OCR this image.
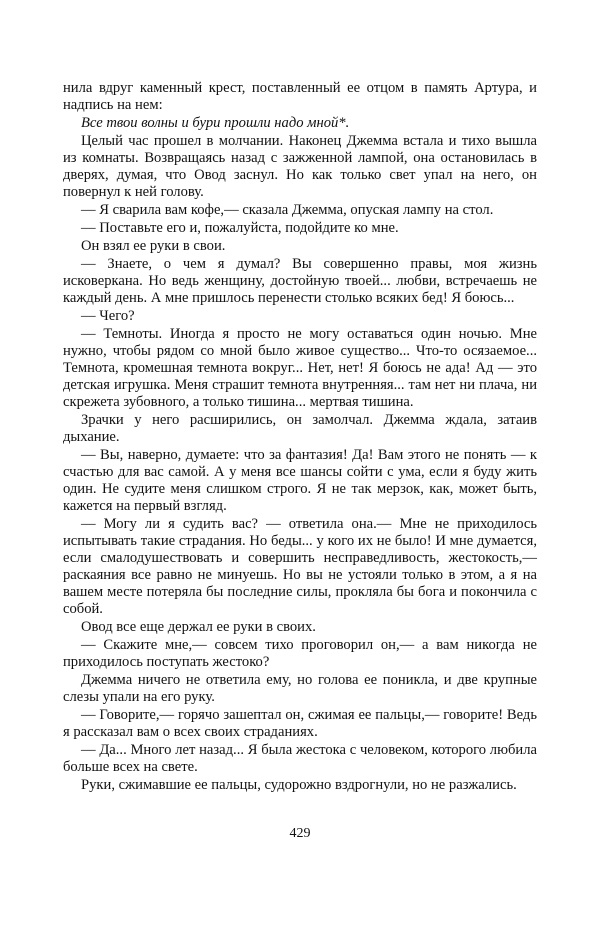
нила вдруг каменный крест, поставленный ее отцом в память Артура, и надпись на нем:

Все твои волны и бури прошли надо мной*.

Целый час прошел в молчании. Наконец Джемма встала и тихо вышла из комнаты. Возвращаясь назад с зажженной лампой, она остановилась в дверях, думая, что Овод заснул. Но как только свет упал на него, он повернул к ней голову.

— Я сварила вам кофе,— сказала Джемма, опуская лампу на стол.

— Поставьте его и, пожалуйста, подойдите ко мне.

Он взял ее руки в свои.

— Знаете, о чем я думал? Вы совершенно правы, моя жизнь исковеркана. Но ведь женщину, достойную твоей... любви, встречаешь не каждый день. А мне пришлось перенести столько всяких бед! Я боюсь...

— Чего?

— Темноты. Иногда я просто не могу оставаться один ночью. Мне нужно, чтобы рядом со мной было живое существо... Что-то осязаемое... Темнота, кромешная темнота вокруг... Нет, нет! Я боюсь не ада! Ад — это детская игрушка. Меня страшит темнота внутренняя... там нет ни плача, ни скрежета зубовного, а только тишина... мертвая тишина.

Зрачки у него расширились, он замолчал. Джемма ждала, затаив дыхание.

— Вы, наверно, думаете: что за фантазия! Да! Вам этого не понять — к счастью для вас самой. А у меня все шансы сойти с ума, если я буду жить один. Не судите меня слишком строго. Я не так мерзок, как, может быть, кажется на первый взгляд.

— Могу ли я судить вас? — ответила она.— Мне не приходилось испытывать такие страдания. Но беды... у кого их не было! И мне думается, если смалодушествовать и совершить несправедливость, жестокость,— раскаяния все равно не минуешь. Но вы не устояли только в этом, а я на вашем месте потеряла бы последние силы, прокляла бы бога и покончила с собой.

Овод все еще держал ее руки в своих.

— Скажите мне,— совсем тихо проговорил он,— а вам никогда не приходилось поступать жестоко?

Джемма ничего не ответила ему, но голова ее поникла, и две крупные слезы упали на его руку.

— Говорите,— горячо зашептал он, сжимая ее пальцы,— говорите! Ведь я рассказал вам о всех своих страданиях.

— Да... Много лет назад... Я была жестока с человеком, которого любила больше всех на свете.

Руки, сжимавшие ее пальцы, судорожно вздрогнули, но не разжались.

429
